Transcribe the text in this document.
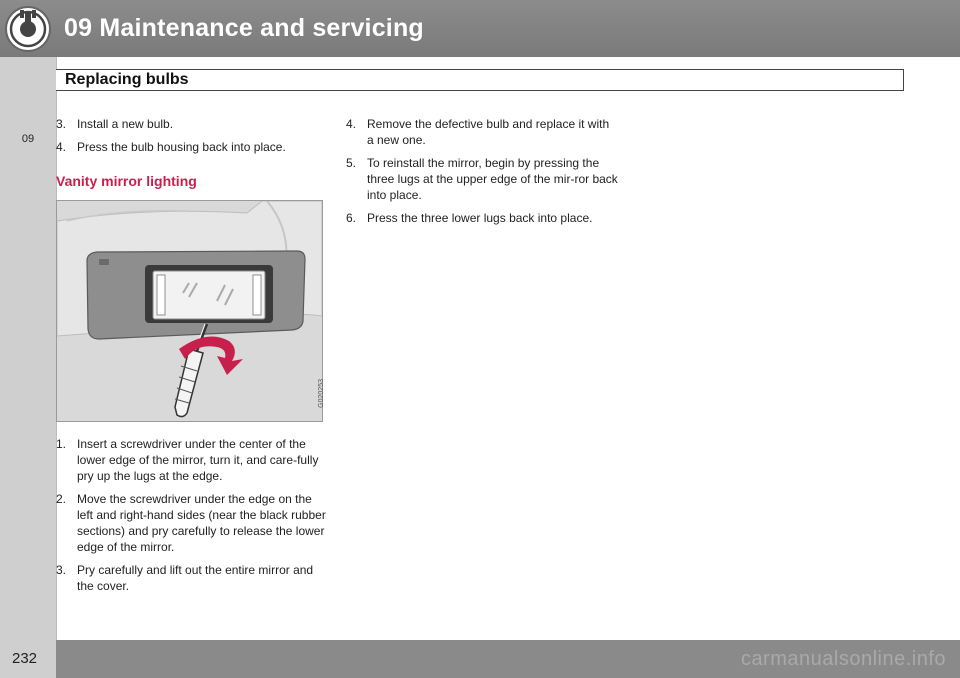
09 Maintenance and servicing
09
Replacing bulbs
3. Install a new bulb.
4. Press the bulb housing back into place.
Vanity mirror lighting
G020253
1. Insert a screwdriver under the center of the lower edge of the mirror, turn it, and care-fully pry up the lugs at the edge.
2. Move the screwdriver under the edge on the left and right-hand sides (near the black rubber sections) and pry carefully to release the lower edge of the mirror.
3. Pry carefully and lift out the entire mirror and the cover.
4. Remove the defective bulb and replace it with a new one.
5. To reinstall the mirror, begin by pressing the three lugs at the upper edge of the mir-ror back into place.
6. Press the three lower lugs back into place.
232	carmanualsonline.info
